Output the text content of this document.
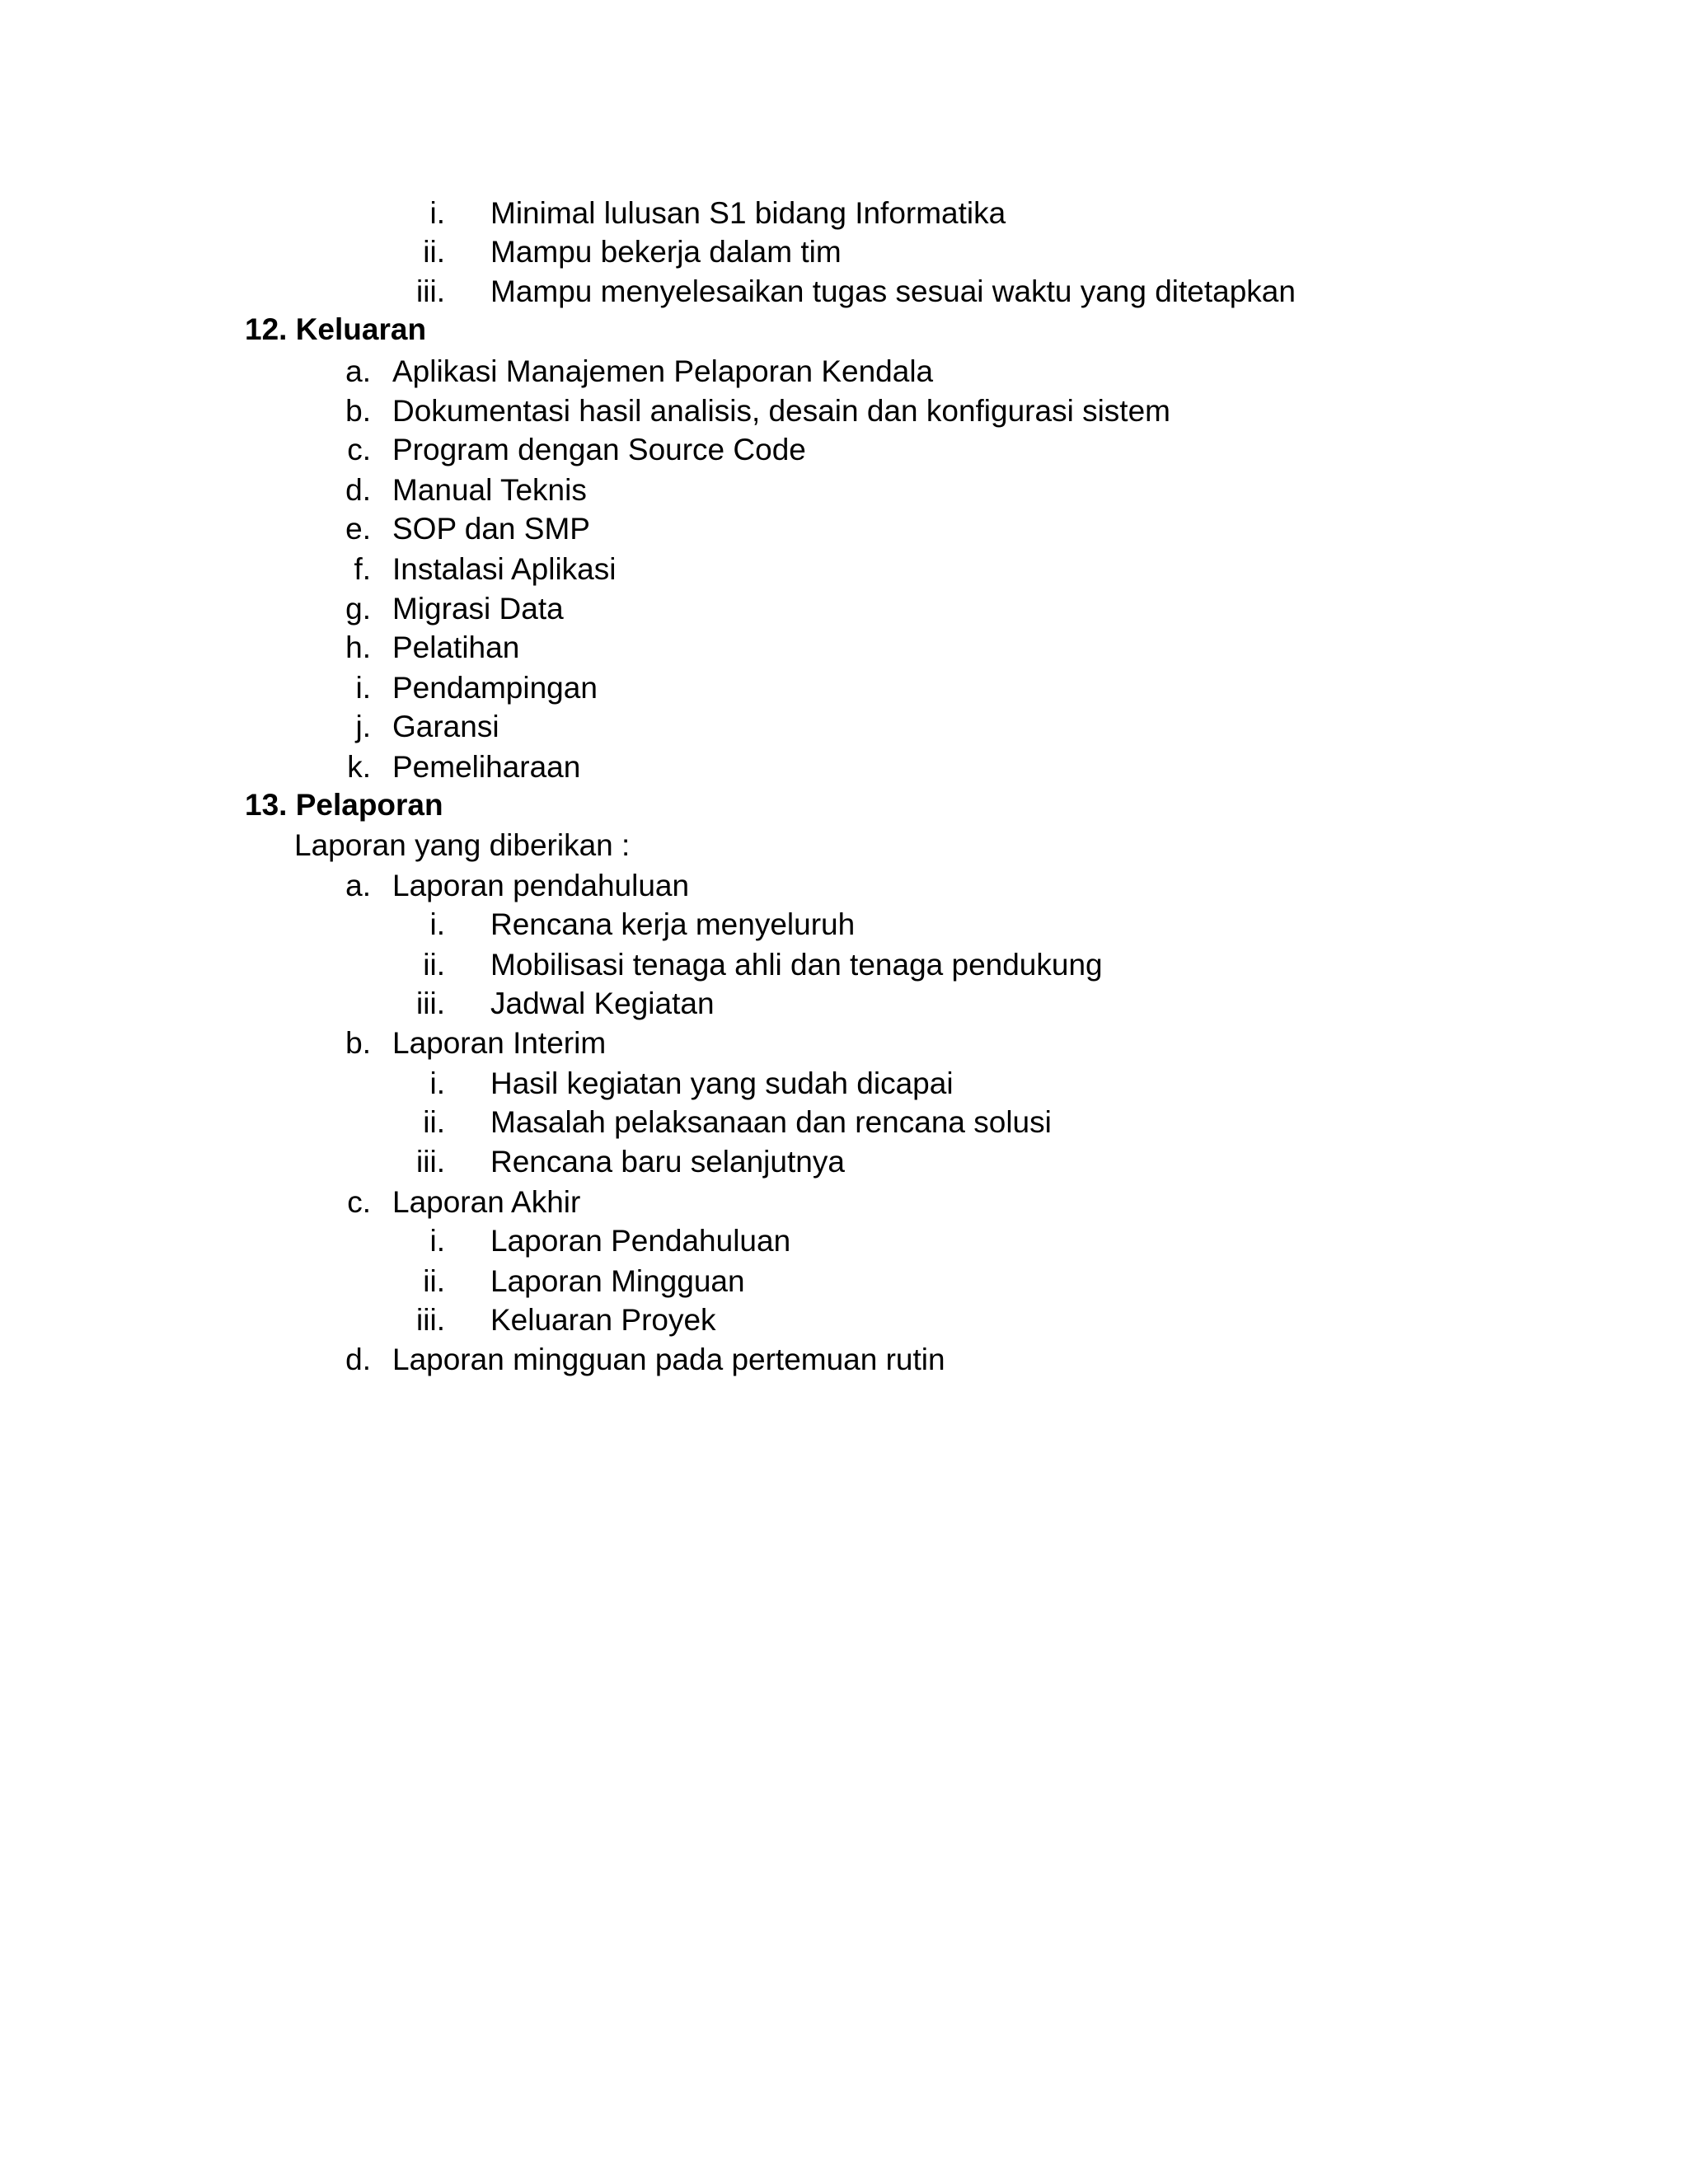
i. Minimal lulusan S1 bidang Informatika
ii. Mampu bekerja dalam tim
iii. Mampu menyelesaikan tugas sesuai waktu yang ditetapkan
12. Keluaran
a. Aplikasi Manajemen Pelaporan Kendala
b. Dokumentasi hasil analisis, desain dan konfigurasi sistem
c. Program dengan Source Code
d. Manual Teknis
e. SOP dan SMP
f. Instalasi Aplikasi
g. Migrasi Data
h. Pelatihan
i. Pendampingan
j. Garansi
k. Pemeliharaan
13. Pelaporan
Laporan yang diberikan :
a. Laporan pendahuluan
i. Rencana kerja menyeluruh
ii. Mobilisasi tenaga ahli dan tenaga pendukung
iii. Jadwal Kegiatan
b. Laporan Interim
i. Hasil kegiatan yang sudah dicapai
ii. Masalah pelaksanaan dan rencana solusi
iii. Rencana baru selanjutnya
c. Laporan Akhir
i. Laporan Pendahuluan
ii. Laporan Mingguan
iii. Keluaran Proyek
d. Laporan mingguan pada pertemuan rutin
